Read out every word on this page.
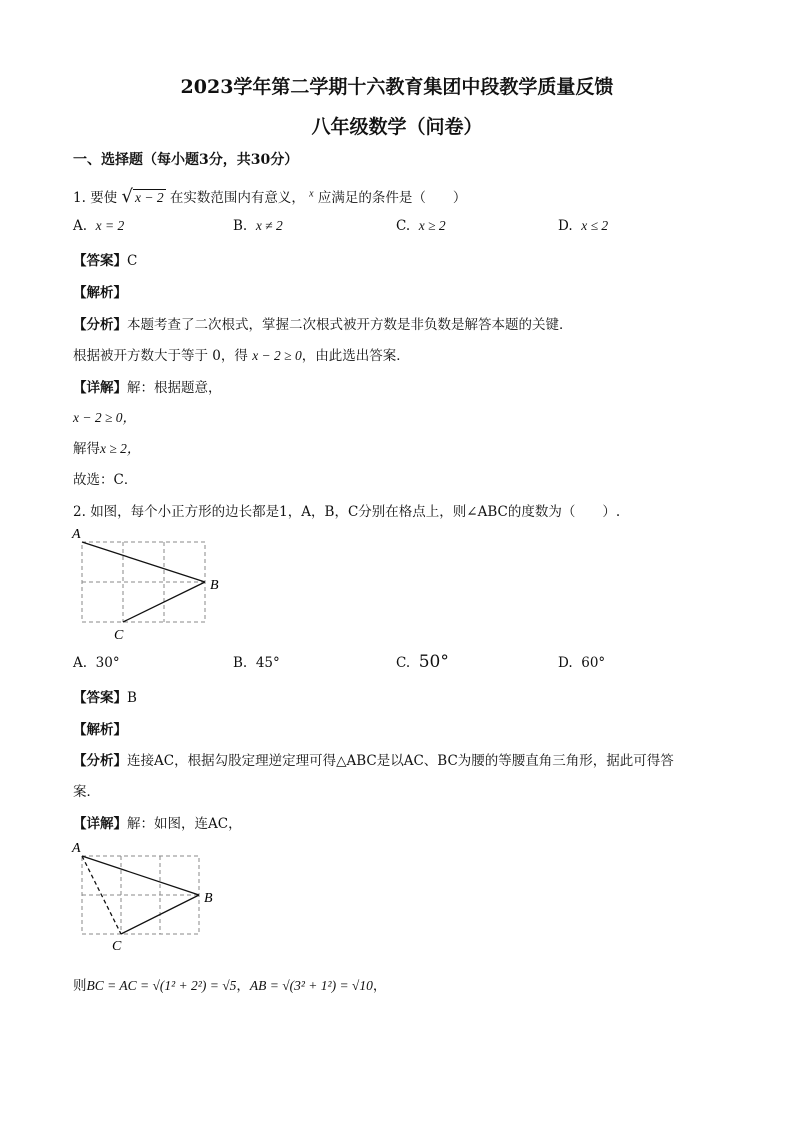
2023学年第二学期十六教育集团中段教学质量反馈
八年级数学（问卷）
一、选择题（每小题3分，共30分）
1. 要使 √ x − 2 在实数范围内有意义， $^x$ 应满足的条件是（　　）
A. x = 2	B. x ≠ 2	C. x ≥ 2	D. x ≤ 2
【答案】C
【解析】
【分析】本题考查了二次根式，掌握二次根式被开方数是非负数是解答本题的关键．
根据被开方数大于等于 0，得 x − 2 ≥ 0，由此选出答案．
【详解】解：根据题意，
x − 2 ≥ 0，
解得x ≥ 2，
故选：C．
2. 如图，每个小正方形的边长都是1，A，B，C分别在格点上，则∠ABC的度数为（　　）.
A
B
C
A. 30°	B. 45°	C. 50°	D. 60°
【答案】B
【解析】
【分析】连接AC，根据勾股定理逆定理可得△ABC是以AC、BC为腰的等腰直角三角形，据此可得答
案．
【详解】解：如图，连AC，
A
B
C
则BC = AC = √(1² + 2²) = √5，AB = √(3² + 1²) = √10，
